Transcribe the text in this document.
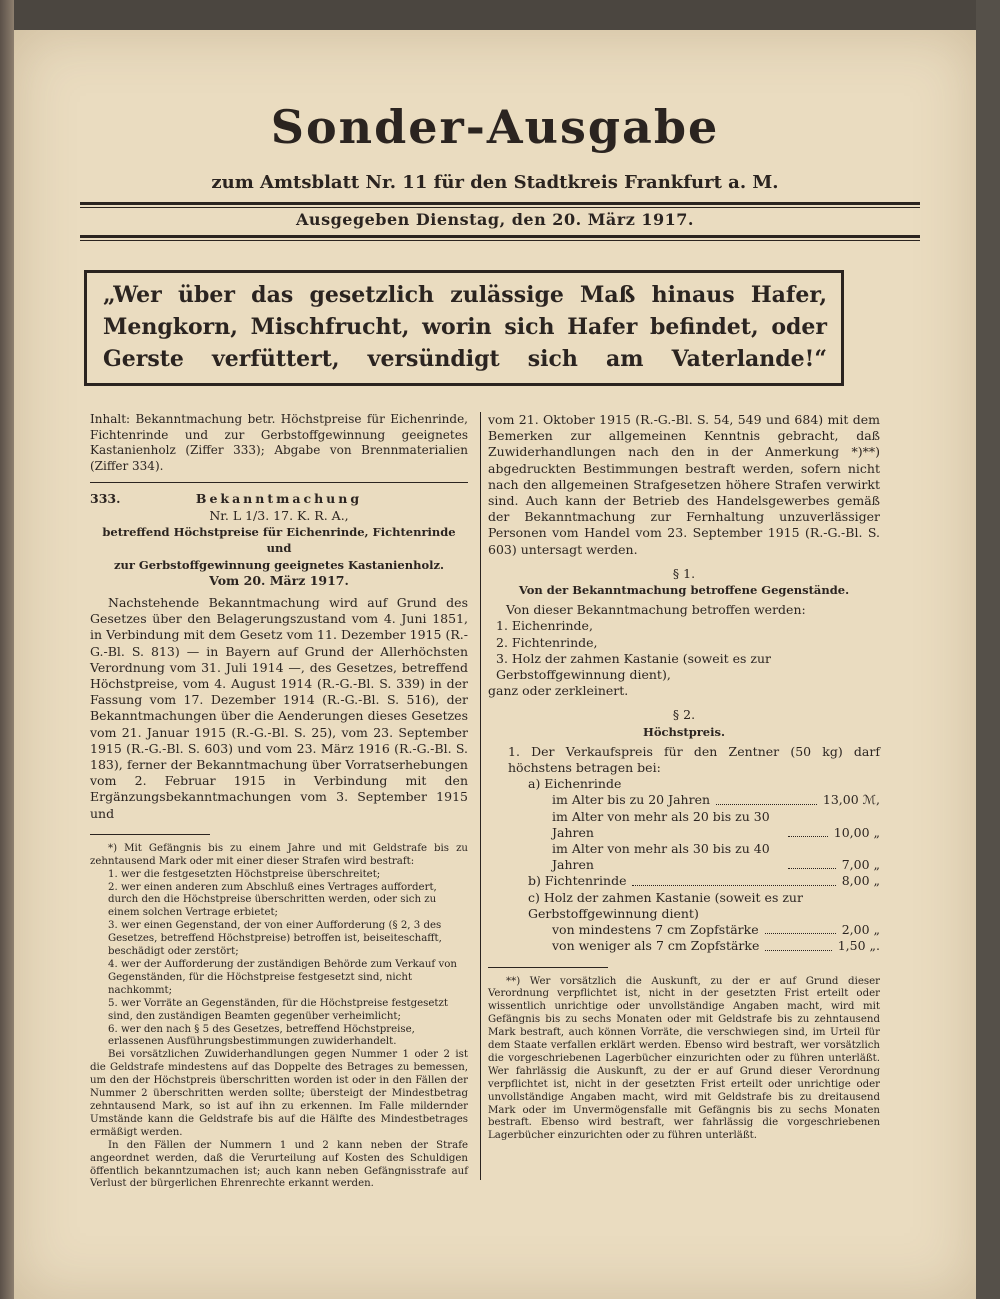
Sonder-Ausgabe
zum Amtsblatt Nr. 11 für den Stadtkreis Frankfurt a. M.
Ausgegeben Dienstag, den 20. März 1917.
„Wer über das gesetzlich zulässige Maß hinaus Hafer, Mengkorn, Mischfrucht, worin sich Hafer befindet, oder Gerste verfüttert, versündigt sich am Vaterlande!“

Inhalt: Bekanntmachung betr. Höchstpreise für Eichenrinde, Fichtenrinde und zur Gerbstoffgewinnung geeignetes Kastanienholz (Ziffer 333); Abgabe von Brennmaterialien (Ziffer 334).

333.	Bekanntmachung

Nr. L 1/3. 17. K. R. A.,

betreffend Höchstpreise für Eichenrinde, Fichtenrinde und

zur Gerbstoffgewinnung geeignetes Kastanienholz.

Vom 20. März 1917.

Nachstehende Bekanntmachung wird auf Grund des Gesetzes über den Belagerungszustand vom 4. Juni 1851, in Verbindung mit dem Gesetz vom 11. Dezember 1915 (R.-G.-Bl. S. 813) — in Bayern auf Grund der Allerhöchsten Verordnung vom 31. Juli 1914 —, des Gesetzes, betreffend Höchstpreise, vom 4. August 1914 (R.-G.-Bl. S. 339) in der Fassung vom 17. Dezember 1914 (R.-G.-Bl. S. 516), der Bekanntmachungen über die Aenderungen dieses Gesetzes vom 21. Januar 1915 (R.-G.-Bl. S. 25), vom 23. September 1915 (R.-G.-Bl. S. 603) und vom 23. März 1916 (R.-G.-Bl. S. 183), ferner der Bekanntmachung über Vorratserhebungen vom 2. Februar 1915 in Verbindung mit den Ergänzungsbekanntmachungen vom 3. September 1915 und

*) Mit Gefängnis bis zu einem Jahre und mit Geldstrafe bis zu zehntausend Mark oder mit einer dieser Strafen wird bestraft:

1. wer die festgesetzten Höchstpreise überschreitet;

2. wer einen anderen zum Abschluß eines Vertrages auffordert, durch den die Höchstpreise überschritten werden, oder sich zu einem solchen Vertrage erbietet;

3. wer einen Gegenstand, der von einer Aufforderung (§ 2, 3 des Gesetzes, betreffend Höchstpreise) betroffen ist, beiseiteschafft, beschädigt oder zerstört;

4. wer der Aufforderung der zuständigen Behörde zum Verkauf von Gegenständen, für die Höchstpreise festgesetzt sind, nicht nachkommt;

5. wer Vorräte an Gegenständen, für die Höchstpreise festgesetzt sind, den zuständigen Beamten gegenüber verheimlicht;

6. wer den nach § 5 des Gesetzes, betreffend Höchstpreise, erlassenen Ausführungsbestimmungen zuwiderhandelt.

Bei vorsätzlichen Zuwiderhandlungen gegen Nummer 1 oder 2 ist die Geldstrafe mindestens auf das Doppelte des Betrages zu bemessen, um den der Höchstpreis überschritten worden ist oder in den Fällen der Nummer 2 überschritten werden sollte; übersteigt der Mindestbetrag zehntausend Mark, so ist auf ihn zu erkennen. Im Falle mildernder Umstände kann die Geldstrafe bis auf die Hälfte des Mindestbetrages ermäßigt werden.

In den Fällen der Nummern 1 und 2 kann neben der Strafe angeordnet werden, daß die Verurteilung auf Kosten des Schuldigen öffentlich bekanntzumachen ist; auch kann neben Gefängnisstrafe auf Verlust der bürgerlichen Ehrenrechte erkannt werden.

vom 21. Oktober 1915 (R.-G.-Bl. S. 54, 549 und 684) mit dem Bemerken zur allgemeinen Kenntnis gebracht, daß Zuwiderhandlungen nach den in der Anmerkung *)**) abgedruckten Bestimmungen bestraft werden, sofern nicht nach den allgemeinen Strafgesetzen höhere Strafen verwirkt sind. Auch kann der Betrieb des Handelsgewerbes gemäß der Bekanntmachung zur Fernhaltung unzuverlässiger Personen vom Handel vom 23. September 1915 (R.-G.-Bl. S. 603) untersagt werden.

§ 1.

Von der Bekanntmachung betroffene Gegenstände.

Von dieser Bekanntmachung betroffen werden:

1. Eichenrinde,

2. Fichtenrinde,

3. Holz der zahmen Kastanie (soweit es zur Gerbstoffgewinnung dient),

ganz oder zerkleinert.

§ 2.

Höchstpreis.

1. Der Verkaufspreis für den Zentner (50 kg) darf höchstens betragen bei:

a) Eichenrinde

im Alter bis zu 20 Jahren	13,00 ℳ,
im Alter von mehr als 20 bis zu 30 Jahren	10,00 „
im Alter von mehr als 30 bis zu 40 Jahren	7,00 „
b) Fichtenrinde	8,00 „

c) Holz der zahmen Kastanie (soweit es zur Gerbstoffgewinnung dient)

von mindestens 7 cm Zopfstärke	2,00 „
von weniger als 7 cm Zopfstärke	1,50 „.

**) Wer vorsätzlich die Auskunft, zu der er auf Grund dieser Verordnung verpflichtet ist, nicht in der gesetzten Frist erteilt oder wissentlich unrichtige oder unvollständige Angaben macht, wird mit Gefängnis bis zu sechs Monaten oder mit Geldstrafe bis zu zehntausend Mark bestraft, auch können Vorräte, die verschwiegen sind, im Urteil für dem Staate verfallen erklärt werden. Ebenso wird bestraft, wer vorsätzlich die vorgeschriebenen Lagerbücher einzurichten oder zu führen unterläßt. Wer fahrlässig die Auskunft, zu der er auf Grund dieser Verordnung verpflichtet ist, nicht in der gesetzten Frist erteilt oder unrichtige oder unvollständige Angaben macht, wird mit Geldstrafe bis zu dreitausend Mark oder im Unvermögensfalle mit Gefängnis bis zu sechs Monaten bestraft. Ebenso wird bestraft, wer fahrlässig die vorgeschriebenen Lagerbücher einzurichten oder zu führen unterläßt.
